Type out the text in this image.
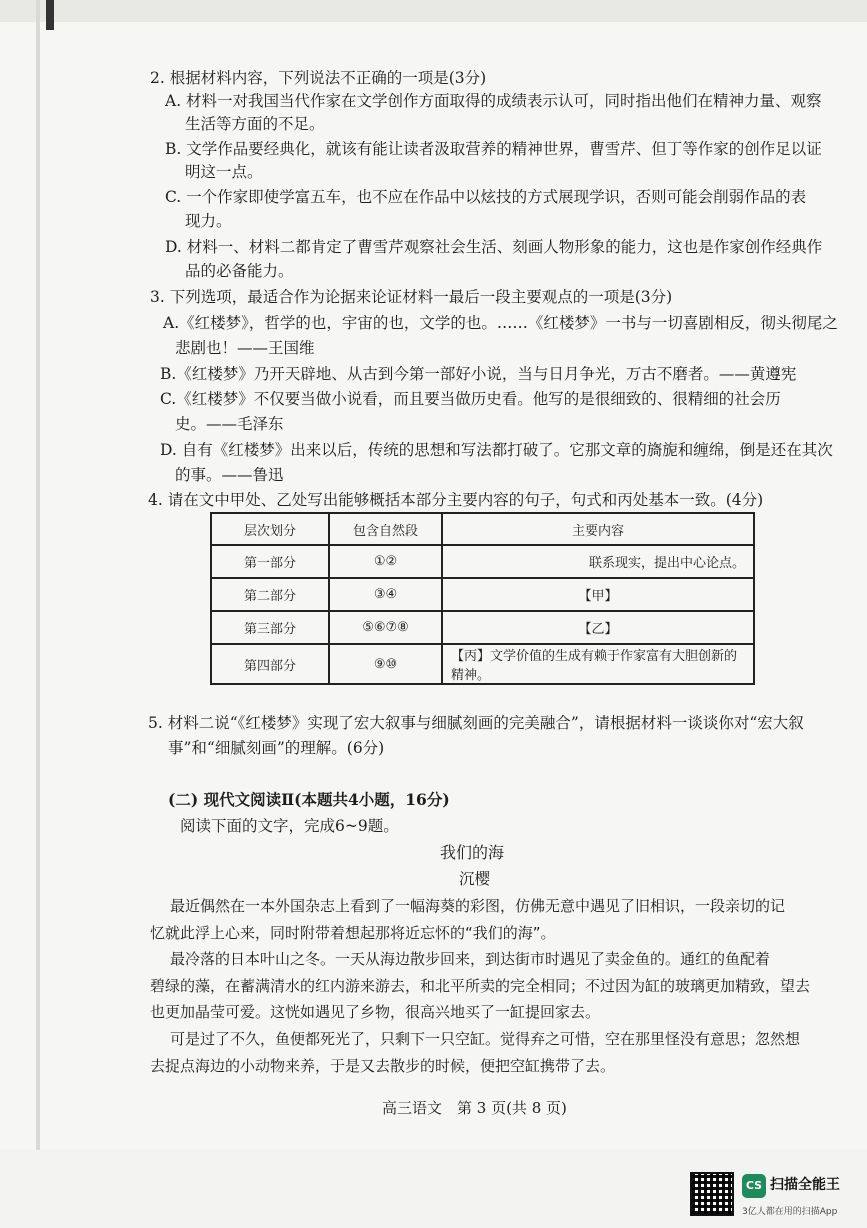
2. 根据材料内容，下列说法不正确的一项是(3分)
A. 材料一对我国当代作家在文学创作方面取得的成绩表示认可，同时指出他们在精神力量、观察
生活等方面的不足。
B. 文学作品要经典化，就该有能让读者汲取营养的精神世界，曹雪芹、但丁等作家的创作足以证
明这一点。
C. 一个作家即使学富五车，也不应在作品中以炫技的方式展现学识，否则可能会削弱作品的表
现力。
D. 材料一、材料二都肯定了曹雪芹观察社会生活、刻画人物形象的能力，这也是作家创作经典作
品的必备能力。
3. 下列选项，最适合作为论据来论证材料一最后一段主要观点的一项是(3分)
A.《红楼梦》，哲学的也，宇宙的也，文学的也。……《红楼梦》一书与一切喜剧相反，彻头彻尾之
悲剧也！——王国维
B.《红楼梦》乃开天辟地、从古到今第一部好小说，当与日月争光，万古不磨者。——黄遵宪
C.《红楼梦》不仅要当做小说看，而且要当做历史看。他写的是很细致的、很精细的社会历
史。——毛泽东
D. 自有《红楼梦》出来以后，传统的思想和写法都打破了。它那文章的旖旎和缠绵，倒是还在其次
的事。——鲁迅
4. 请在文中甲处、乙处写出能够概括本部分主要内容的句子，句式和丙处基本一致。(4分)
层次划分	包含自然段	主要内容
第一部分	①②	联系现实，提出中心论点。
第二部分	③④	【甲】
第三部分	⑤⑥⑦⑧	【乙】
第四部分	⑨⑩	【丙】文学价值的生成有赖于作家富有大胆创新的精神。
5. 材料二说“《红楼梦》实现了宏大叙事与细腻刻画的完美融合”，请根据材料一谈谈你对“宏大叙
事”和“细腻刻画”的理解。(6分)
(二) 现代文阅读Ⅱ(本题共4小题，16分)
阅读下面的文字，完成6~9题。
我们的海
沉樱
最近偶然在一本外国杂志上看到了一幅海葵的彩图，仿佛无意中遇见了旧相识，一段亲切的记
忆就此浮上心来，同时附带着想起那将近忘怀的“我们的海”。
最冷落的日本叶山之冬。一天从海边散步回来，到达街市时遇见了卖金鱼的。通红的鱼配着
碧绿的藻，在蓄满清水的红内游来游去，和北平所卖的完全相同；不过因为缸的玻璃更加精致，望去
也更加晶莹可爱。这恍如遇见了乡物，很高兴地买了一缸提回家去。
可是过了不久，鱼便都死光了，只剩下一只空缸。觉得弃之可惜，空在那里怪没有意思；忽然想
去捉点海边的小动物来养，于是又去散步的时候，便把空缸携带了去。
高三语文　第 3 页(共 8 页)
CS 扫描全能王
3亿人都在用的扫描App
